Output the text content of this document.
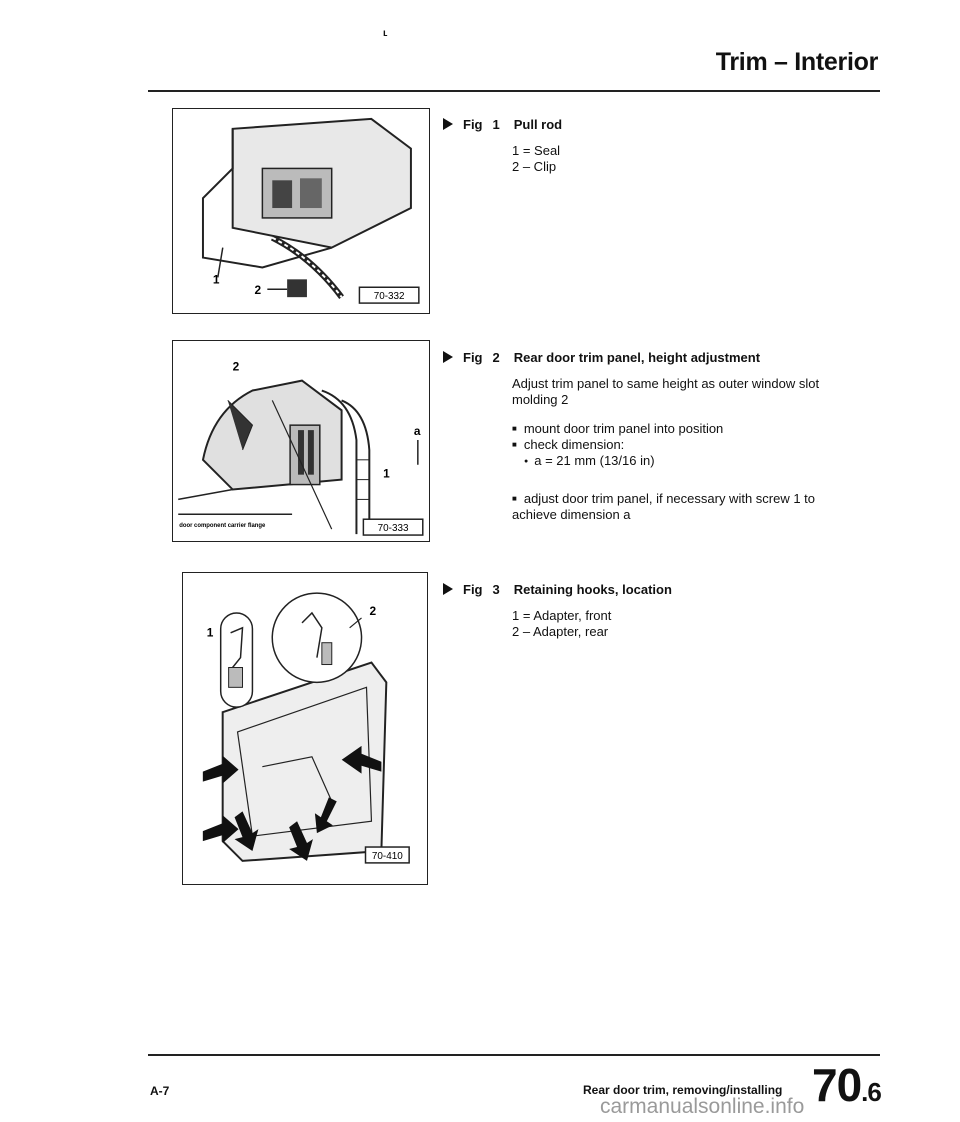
ʟ
Trim – Interior
1
2	70-332
Fig 1 Pull rod
1 = Seal
2 – Clip
2
a
1
door component carrier flange	70-333
Fig 2 Rear door trim panel, height adjustment
Adjust trim panel to same height as outer window slot molding 2
■ mount door trim panel into position
■ check dimension:
● a = 21 mm (13/16 in)
■ adjust door trim panel, if necessary with screw 1 to achieve dimension a
1
2
70-410
Fig 3 Retaining hooks, location
1 = Adapter, front
2 – Adapter, rear
A-7	Rear door trim, removing/installing 70.6
carmanualsonline.info
